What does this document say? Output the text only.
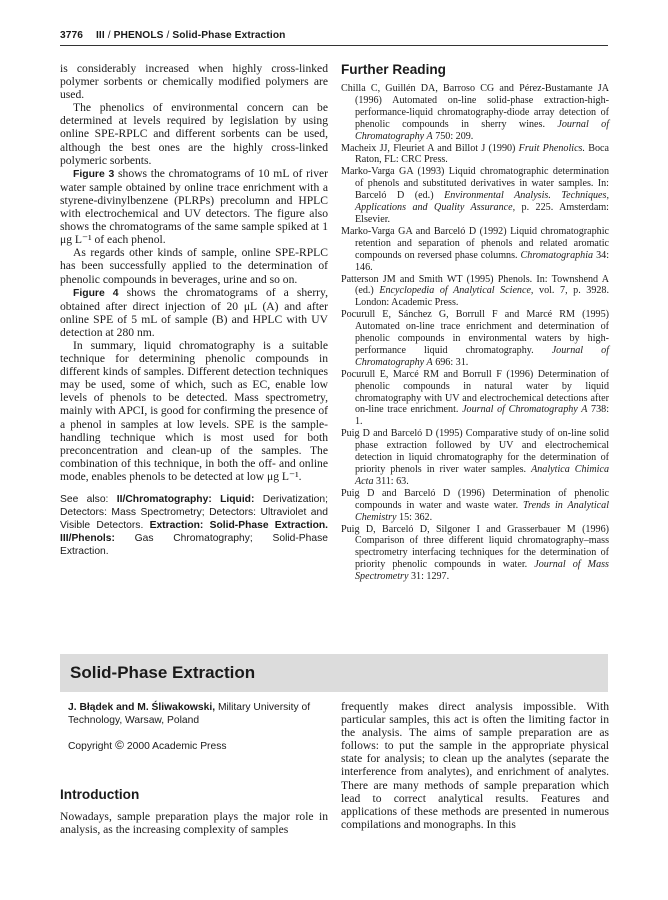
3776 III / PHENOLS / Solid-Phase Extraction

is considerably increased when highly cross-linked polymer sorbents or chemically modified polymers are used.

The phenolics of environmental concern can be determined at levels required by legislation by using online SPE-RPLC and different sorbents can be used, although the best ones are the highly cross-linked polymeric sorbents.

Figure 3 shows the chromatograms of 10 mL of river water sample obtained by online trace enrichment with a styrene-divinylbenzene (PLRPs) precolumn and HPLC with electrochemical and UV detectors. The figure also shows the chromatograms of the same sample spiked at 1 μg L⁻¹ of each phenol.

As regards other kinds of sample, online SPE-RPLC has been successfully applied to the determination of phenolic compounds in beverages, urine and so on.

Figure 4 shows the chromatograms of a sherry, obtained after direct injection of 20 μL (A) and after online SPE of 5 mL of sample (B) and HPLC with UV detection at 280 nm.

In summary, liquid chromatography is a suitable technique for determining phenolic compounds in different kinds of samples. Different detection techniques may be used, some of which, such as EC, enable low levels of phenols to be detected. Mass spectrometry, mainly with APCI, is good for confirming the presence of a phenol in samples at low levels. SPE is the sample-handling technique which is most used for both preconcentration and clean-up of the samples. The combination of this technique, in both the off- and online mode, enables phenols to be detected at low μg L⁻¹.

See also: II/Chromatography: Liquid: Derivatization; Detectors: Mass Spectrometry; Detectors: Ultraviolet and Visible Detectors. Extraction: Solid-Phase Extraction. III/Phenols: Gas Chromatography; Solid-Phase Extraction.
Further Reading
Chilla C, Guillén DA, Barroso CG and Pérez-Bustamante JA (1996) Automated on-line solid-phase extraction-high-performance-liquid chromatography-diode array detection of phenolic compounds in sherry wines. Journal of Chromatography A 750: 209.
Macheix JJ, Fleuriet A and Billot J (1990) Fruit Phenolics. Boca Raton, FL: CRC Press.
Marko-Varga GA (1993) Liquid chromatographic determination of phenols and substituted derivatives in water samples. In: Barceló D (ed.) Environmental Analysis. Techniques, Applications and Quality Assurance, p. 225. Amsterdam: Elsevier.
Marko-Varga GA and Barceló D (1992) Liquid chromatographic retention and separation of phenols and related aromatic compounds on reversed phase columns. Chromatographia 34: 146.
Patterson JM and Smith WT (1995) Phenols. In: Townshend A (ed.) Encyclopedia of Analytical Science, vol. 7, p. 3928. London: Academic Press.
Pocurull E, Sánchez G, Borrull F and Marcé RM (1995) Automated on-line trace enrichment and determination of phenolic compounds in environmental waters by high-performance liquid chromatography. Journal of Chromatography A 696: 31.
Pocurull E, Marcé RM and Borrull F (1996) Determination of phenolic compounds in natural water by liquid chromatography with UV and electrochemical detections after on-line trace enrichment. Journal of Chromatography A 738: 1.
Puig D and Barceló D (1995) Comparative study of on-line solid phase extraction followed by UV and electrochemical detection in liquid chromatography for the determination of priority phenols in river water samples. Analytica Chimica Acta 311: 63.
Puig D and Barceló D (1996) Determination of phenolic compounds in water and waste water. Trends in Analytical Chemistry 15: 362.
Puig D, Barceló D, Silgoner I and Grasserbauer M (1996) Comparison of three different liquid chromatography–mass spectrometry interfacing techniques for the determination of priority phenolic compounds in water. Journal of Mass Spectrometry 31: 1297.
Solid-Phase Extraction
J. Błądek and M. Śliwakowski, Military University of Technology, Warsaw, Poland
Copyright © 2000 Academic Press
Introduction

Nowadays, sample preparation plays the major role in analysis, as the increasing complexity of samples

frequently makes direct analysis impossible. With particular samples, this act is often the limiting factor in the analysis. The aims of sample preparation are as follows: to put the sample in the appropriate physical state for analysis; to clean up the analytes (separate the interference from analytes), and enrichment of analytes. There are many methods of sample preparation which lead to correct analytical results. Features and applications of these methods are presented in numerous compilations and monographs. In this
